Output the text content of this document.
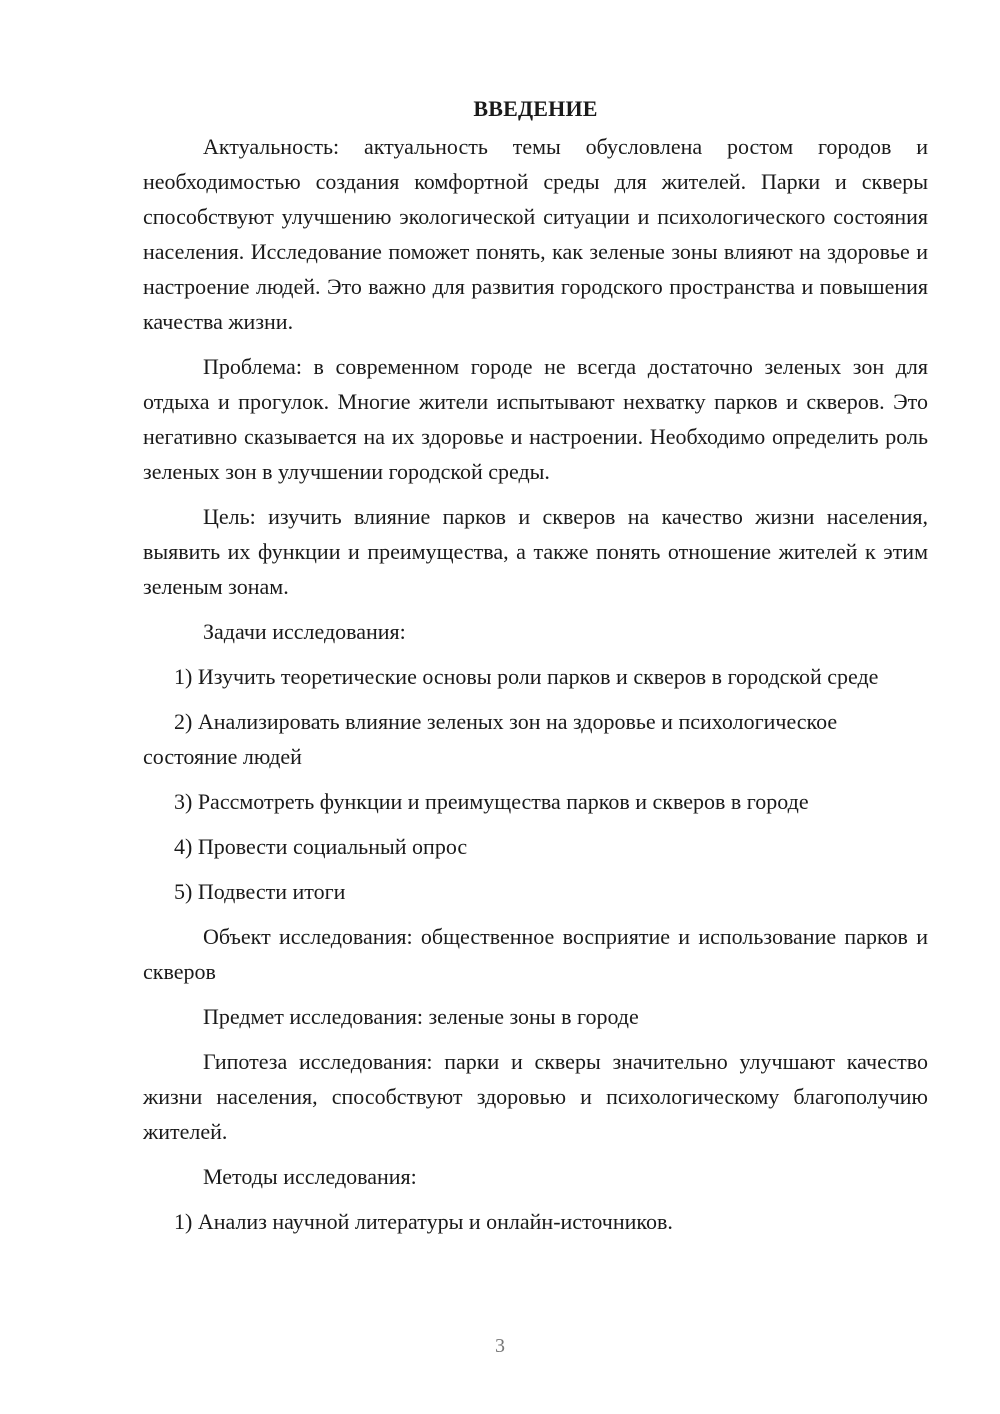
ВВЕДЕНИЕ

Актуальность: актуальность темы обусловлена ростом городов и необходимостью создания комфортной среды для жителей. Парки и скверы способствуют улучшению экологической ситуации и психологического состояния населения. Исследование поможет понять, как зеленые зоны влияют на здоровье и настроение людей. Это важно для развития городского пространства и повышения качества жизни.

Проблема: в современном городе не всегда достаточно зеленых зон для отдыха и прогулок. Многие жители испытывают нехватку парков и скверов. Это негативно сказывается на их здоровье и настроении. Необходимо определить роль зеленых зон в улучшении городской среды.

Цель: изучить влияние парков и скверов на качество жизни населения, выявить их функции и преимущества, а также понять отношение жителей к этим зеленым зонам.

Задачи исследования:

1) Изучить теоретические основы роли парков и скверов в городской среде

2) Анализировать влияние зеленых зон на здоровье и психологическое состояние людей

3) Рассмотреть функции и преимущества парков и скверов в городе

4) Провести социальный опрос

5) Подвести итоги

Объект исследования: общественное восприятие и использование парков и скверов

Предмет исследования: зеленые зоны в городе

Гипотеза исследования: парки и скверы значительно улучшают качество жизни населения, способствуют здоровью и психологическому благополучию жителей.

Методы исследования:

1) Анализ научной литературы и онлайн-источников.

3
